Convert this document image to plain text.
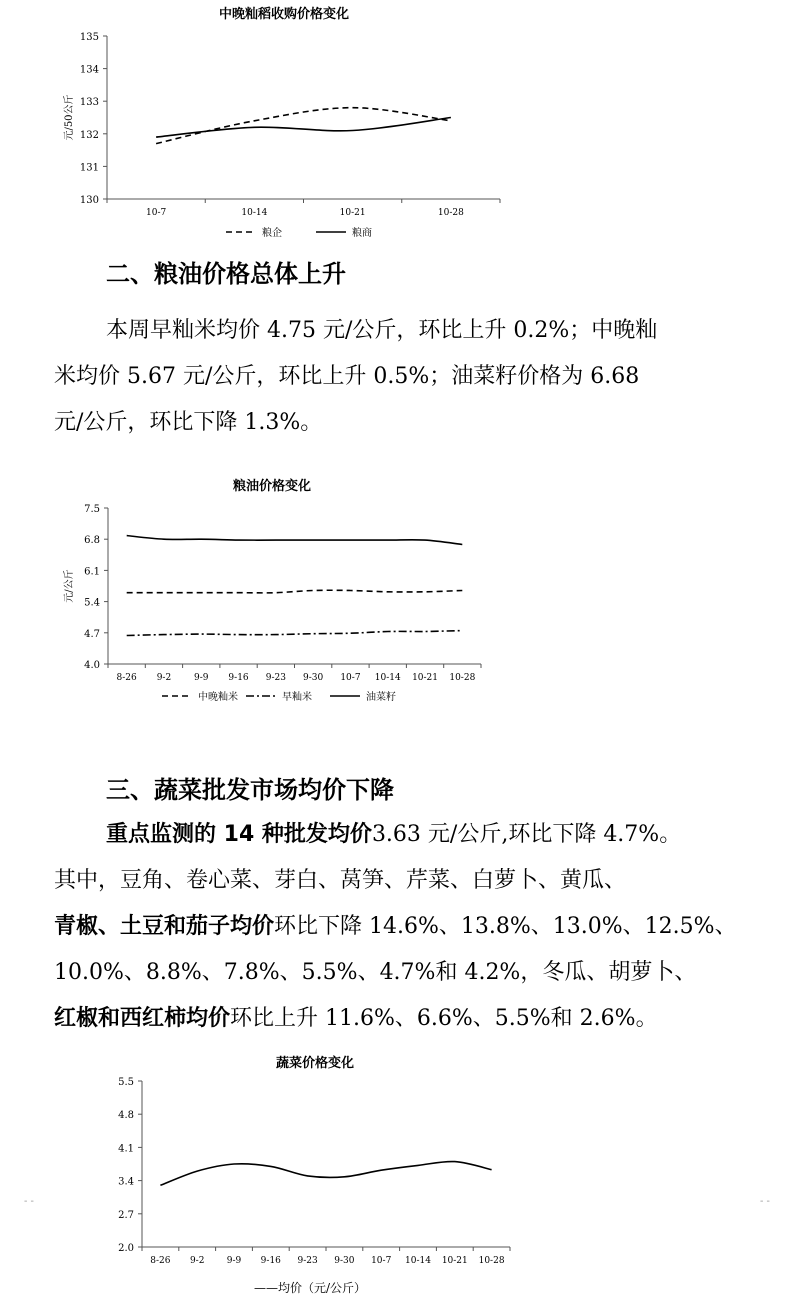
中晚籼稻收购价格变化
135
134
133
132
131
130
10-7	10-14	10-21	10-28
元/50公斤
粮企	粮商
粮油价格变化
7.5
6.8
6.1
5.4
4.7
4.0
8-26 9-2	9-9 9-16 9-23 9-30 10-7 10-14 10-21 10-28
元/公斤
中晚籼米	早籼米	油菜籽
蔬菜价格变化
5.5
4.8
4.1
3.4
2.7
2.0
8-26 9-2 9-9 9-16 9-23 9-30 10-7 10-14 10-21 10-28
——均价（元/公斤）
二、粮油价格总体上升
本周早籼米均价 4.75 元/公斤，环比上升 0.2%；中晚籼
米均价 5.67 元/公斤，环比上升 0.5%；油菜籽价格为 6.68
元/公斤，环比下降 1.3%。
三、蔬菜批发市场均价下降
重点监测的 14 种批发均价3.63 元/公斤,环比下降 4.7%。
其中，豆角、卷心菜、芽白、莴笋、芹菜、白萝卜、黄瓜、
青椒、土豆和茄子均价环比下降 14.6%、13.8%、13.0%、12.5%、
10.0%、8.8%、7.8%、5.5%、4.7%和 4.2%，冬瓜、胡萝卜、
红椒和西红柿均价环比上升 11.6%、6.6%、5.5%和 2.6%。
- -	- -
